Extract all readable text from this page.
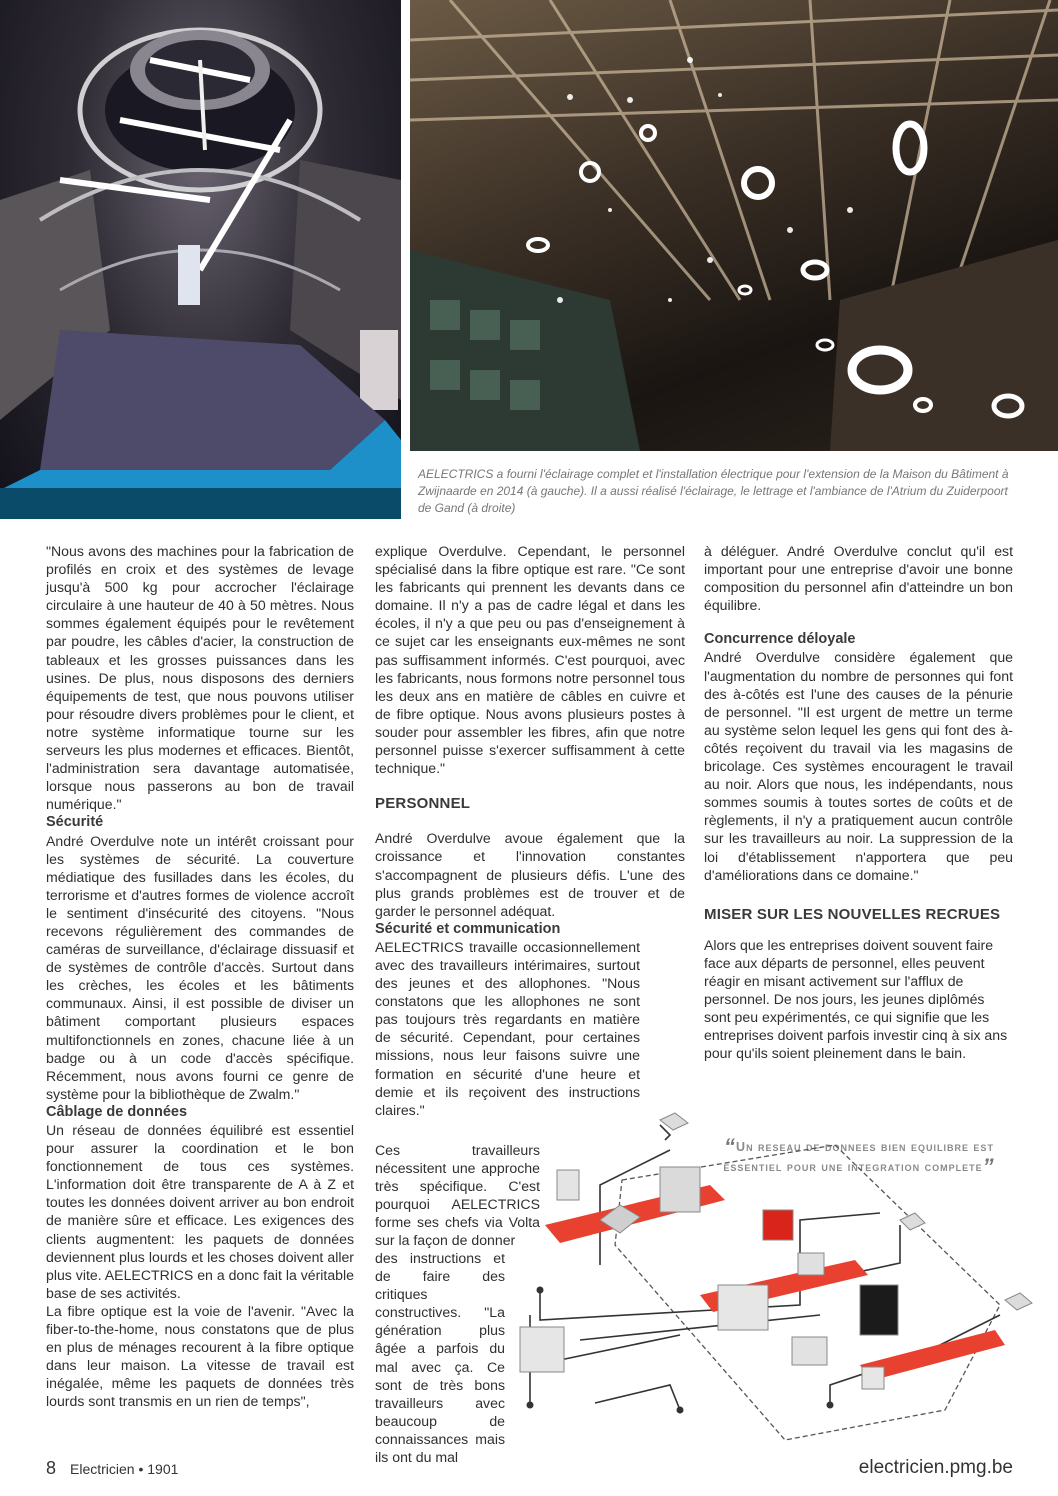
AELECTRICS a fourni l'éclairage complet et l'installation électrique pour l'extension de la Maison du Bâtiment à Zwijnaarde en 2014 (à gauche). Il a aussi réalisé l'éclairage, le lettrage et l'ambiance de l'Atrium du Zuiderpoort de Gand (à droite)

"Nous avons des machines pour la fabrication de profilés en croix et des systèmes de levage jusqu'à 500 kg pour accrocher l'éclairage circulaire à une hauteur de 40 à 50 mètres. Nous sommes également équipés pour le revêtement par poudre, les câbles d'acier, la construction de tableaux et les grosses puissances dans les usines. De plus, nous disposons des derniers équipements de test, que nous pouvons utiliser pour résoudre divers problèmes pour le client, et notre système informatique tourne sur les serveurs les plus modernes et efficaces. Bientôt, l'administration sera davantage automatisée, lorsque nous passerons au bon de travail numérique."

Sécurité

André Overdulve note un intérêt croissant pour les systèmes de sécurité. La couverture médiatique des fusillades dans les écoles, du terrorisme et d'autres formes de violence accroît le sentiment d'insécurité des citoyens. "Nous recevons régulièrement des commandes de caméras de surveillance, d'éclairage dissuasif et de systèmes de contrôle d'accès. Surtout dans les crèches, les écoles et les bâtiments communaux. Ainsi, il est possible de diviser un bâtiment comportant plusieurs espaces multifonctionnels en zones, chacune liée à un badge ou à un code d'accès spécifique. Récemment, nous avons fourni ce genre de système pour la bibliothèque de Zwalm."

Câblage de données

Un réseau de données équilibré est essentiel pour assurer la coordination et le bon fonctionnement de tous ces systèmes. L'information doit être transparente de A à Z et toutes les données doivent arriver au bon endroit de manière sûre et efficace. Les exigences des clients augmentent: les paquets de données deviennent plus lourds et les choses doivent aller plus vite. AELECTRICS en a donc fait la véritable base de ses activités.

La fibre optique est la voie de l'avenir. "Avec la fiber-to-the-home, nous constatons que de plus en plus de ménages recourent à la fibre optique dans leur maison. La vitesse de travail est inégalée, même les paquets de données très lourds sont transmis en un rien de temps",

explique Overdulve. Cependant, le personnel spécialisé dans la fibre optique est rare. "Ce sont les fabricants qui prennent les devants dans ce domaine. Il n'y a pas de cadre légal et dans les écoles, il n'y a que peu ou pas d'enseignement à ce sujet car les enseignants eux-mêmes ne sont pas suffisamment informés. C'est pourquoi, avec les fabricants, nous formons notre personnel tous les deux ans en matière de câbles en cuivre et de fibre optique. Nous avons plusieurs postes à souder pour assembler les fibres, afin que notre personnel puisse s'exercer suffisamment à cette technique."

PERSONNEL

André Overdulve avoue également que la croissance et l'innovation constantes s'accompagnent de plusieurs défis. L'une des plus grands problèmes est de trouver et de garder le personnel adéquat.

Sécurité et communication

AELECTRICS travaille occasionnellement avec des travailleurs intérimaires, surtout des jeunes et des allophones. "Nous constatons que les allophones ne sont pas toujours très regardants en matière de sécurité. Cependant, pour certaines missions, nous leur faisons suivre une formation en sécurité d'une heure et demie et ils reçoivent des instructions claires."

Ces travailleurs nécessitent une approche très spécifique. C'est pourquoi AELECTRICS forme ses chefs via Volta sur la façon de donner

des instructions et de faire des critiques constructives. "La génération plus âgée a parfois du mal avec ça. Ce sont de très bons travailleurs avec beaucoup de connaissances mais ils ont du mal

à déléguer. André Overdulve conclut qu'il est important pour une entreprise d'avoir une bonne composition du personnel afin d'atteindre un bon équilibre.

Concurrence déloyale

André Overdulve considère également que l'augmentation du nombre de personnes qui font des à-côtés est l'une des causes de la pénurie de personnel. "Il est urgent de mettre un terme au système selon lequel les gens qui font des à-côtés reçoivent du travail via les magasins de bricolage. Ces systèmes encouragent le travail au noir. Alors que nous, les indépendants, nous sommes soumis à toutes sortes de coûts et de règlements, il n'y a pratiquement aucun contrôle sur les travailleurs au noir. La suppression de la loi d'établissement n'apportera que peu d'améliorations dans ce domaine."

MISER SUR LES NOUVELLES RECRUES

Alors que les entreprises doivent souvent faire face aux départs de personnel, elles peuvent réagir en misant activement sur l'afflux de personnel. De nos jours, les jeunes diplômés sont peu expérimentés, ce qui signifie que les entreprises doivent parfois investir cinq à six ans pour qu'ils soient pleinement dans le bain.

“Un reseau de donnees bien equilibre est essentiel pour une integration complete”
8 Electricien • 1901	electricien.pmg.be
